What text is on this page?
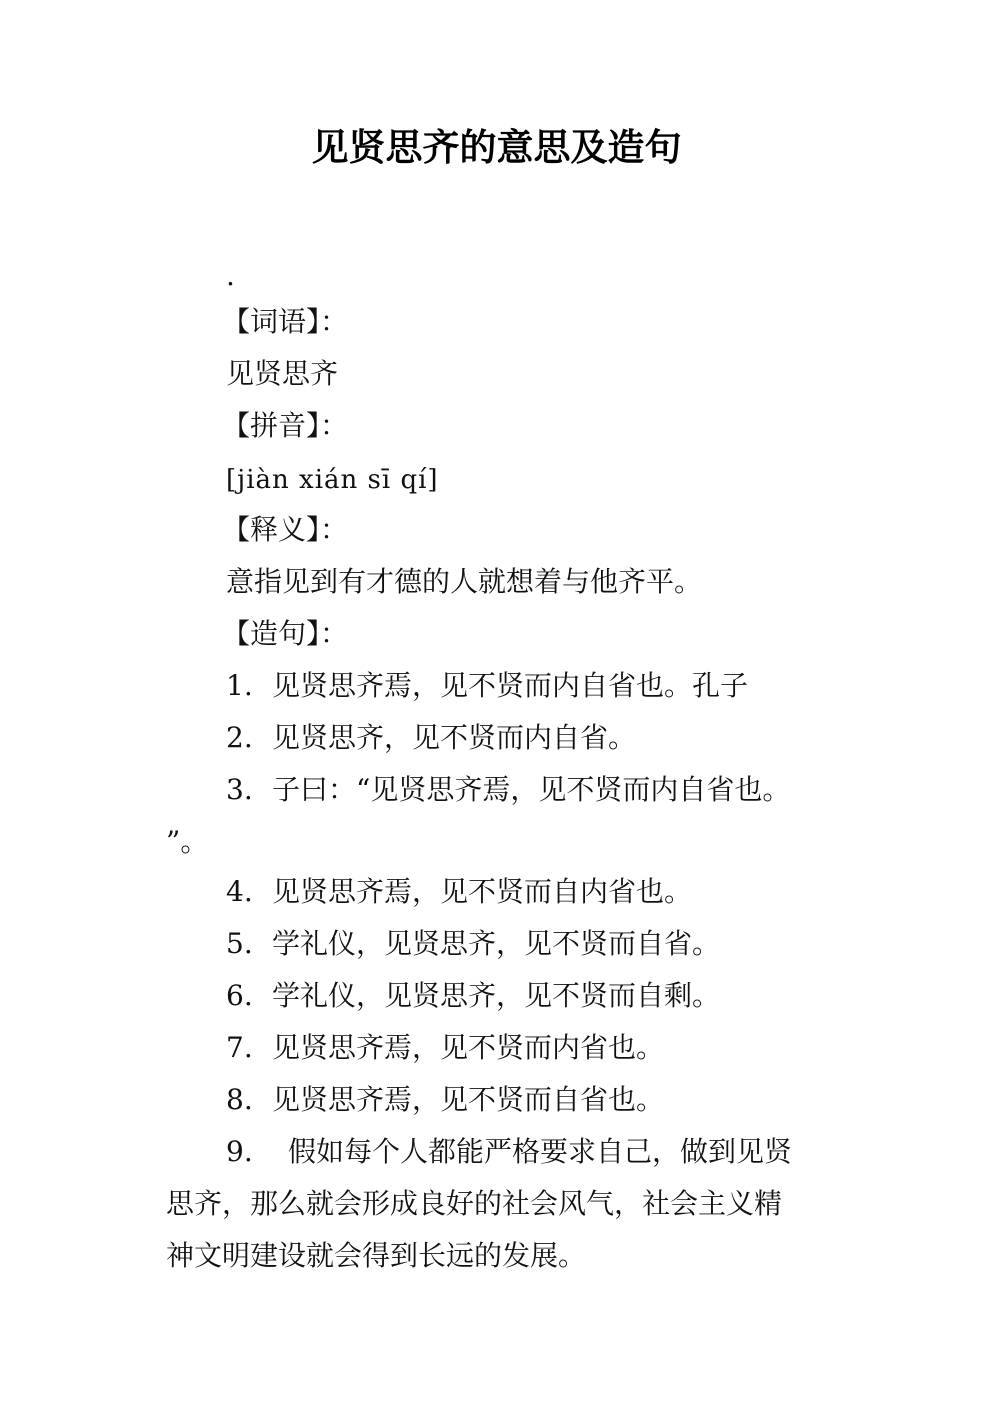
见贤思齐的意思及造句
.
【词语】：
见贤思齐
【拼音】：
[jiàn xián sī qí]
【释义】：
意指见到有才德的人就想着与他齐平。
【造句】：
1. 见贤思齐焉，见不贤而内自省也。孔子
2. 见贤思齐，见不贤而内自省。
3. 子曰：“见贤思齐焉，见不贤而内自省也。
”。
4. 见贤思齐焉，见不贤而自内省也。
5. 学礼仪，见贤思齐，见不贤而自省。
6. 学礼仪，见贤思齐，见不贤而自剩。
7. 见贤思齐焉，见不贤而内省也。
8. 见贤思齐焉，见不贤而自省也。
9. 假如每个人都能严格要求自己，做到见贤
思齐，那么就会形成良好的社会风气，社会主义精
神文明建设就会得到长远的发展。
